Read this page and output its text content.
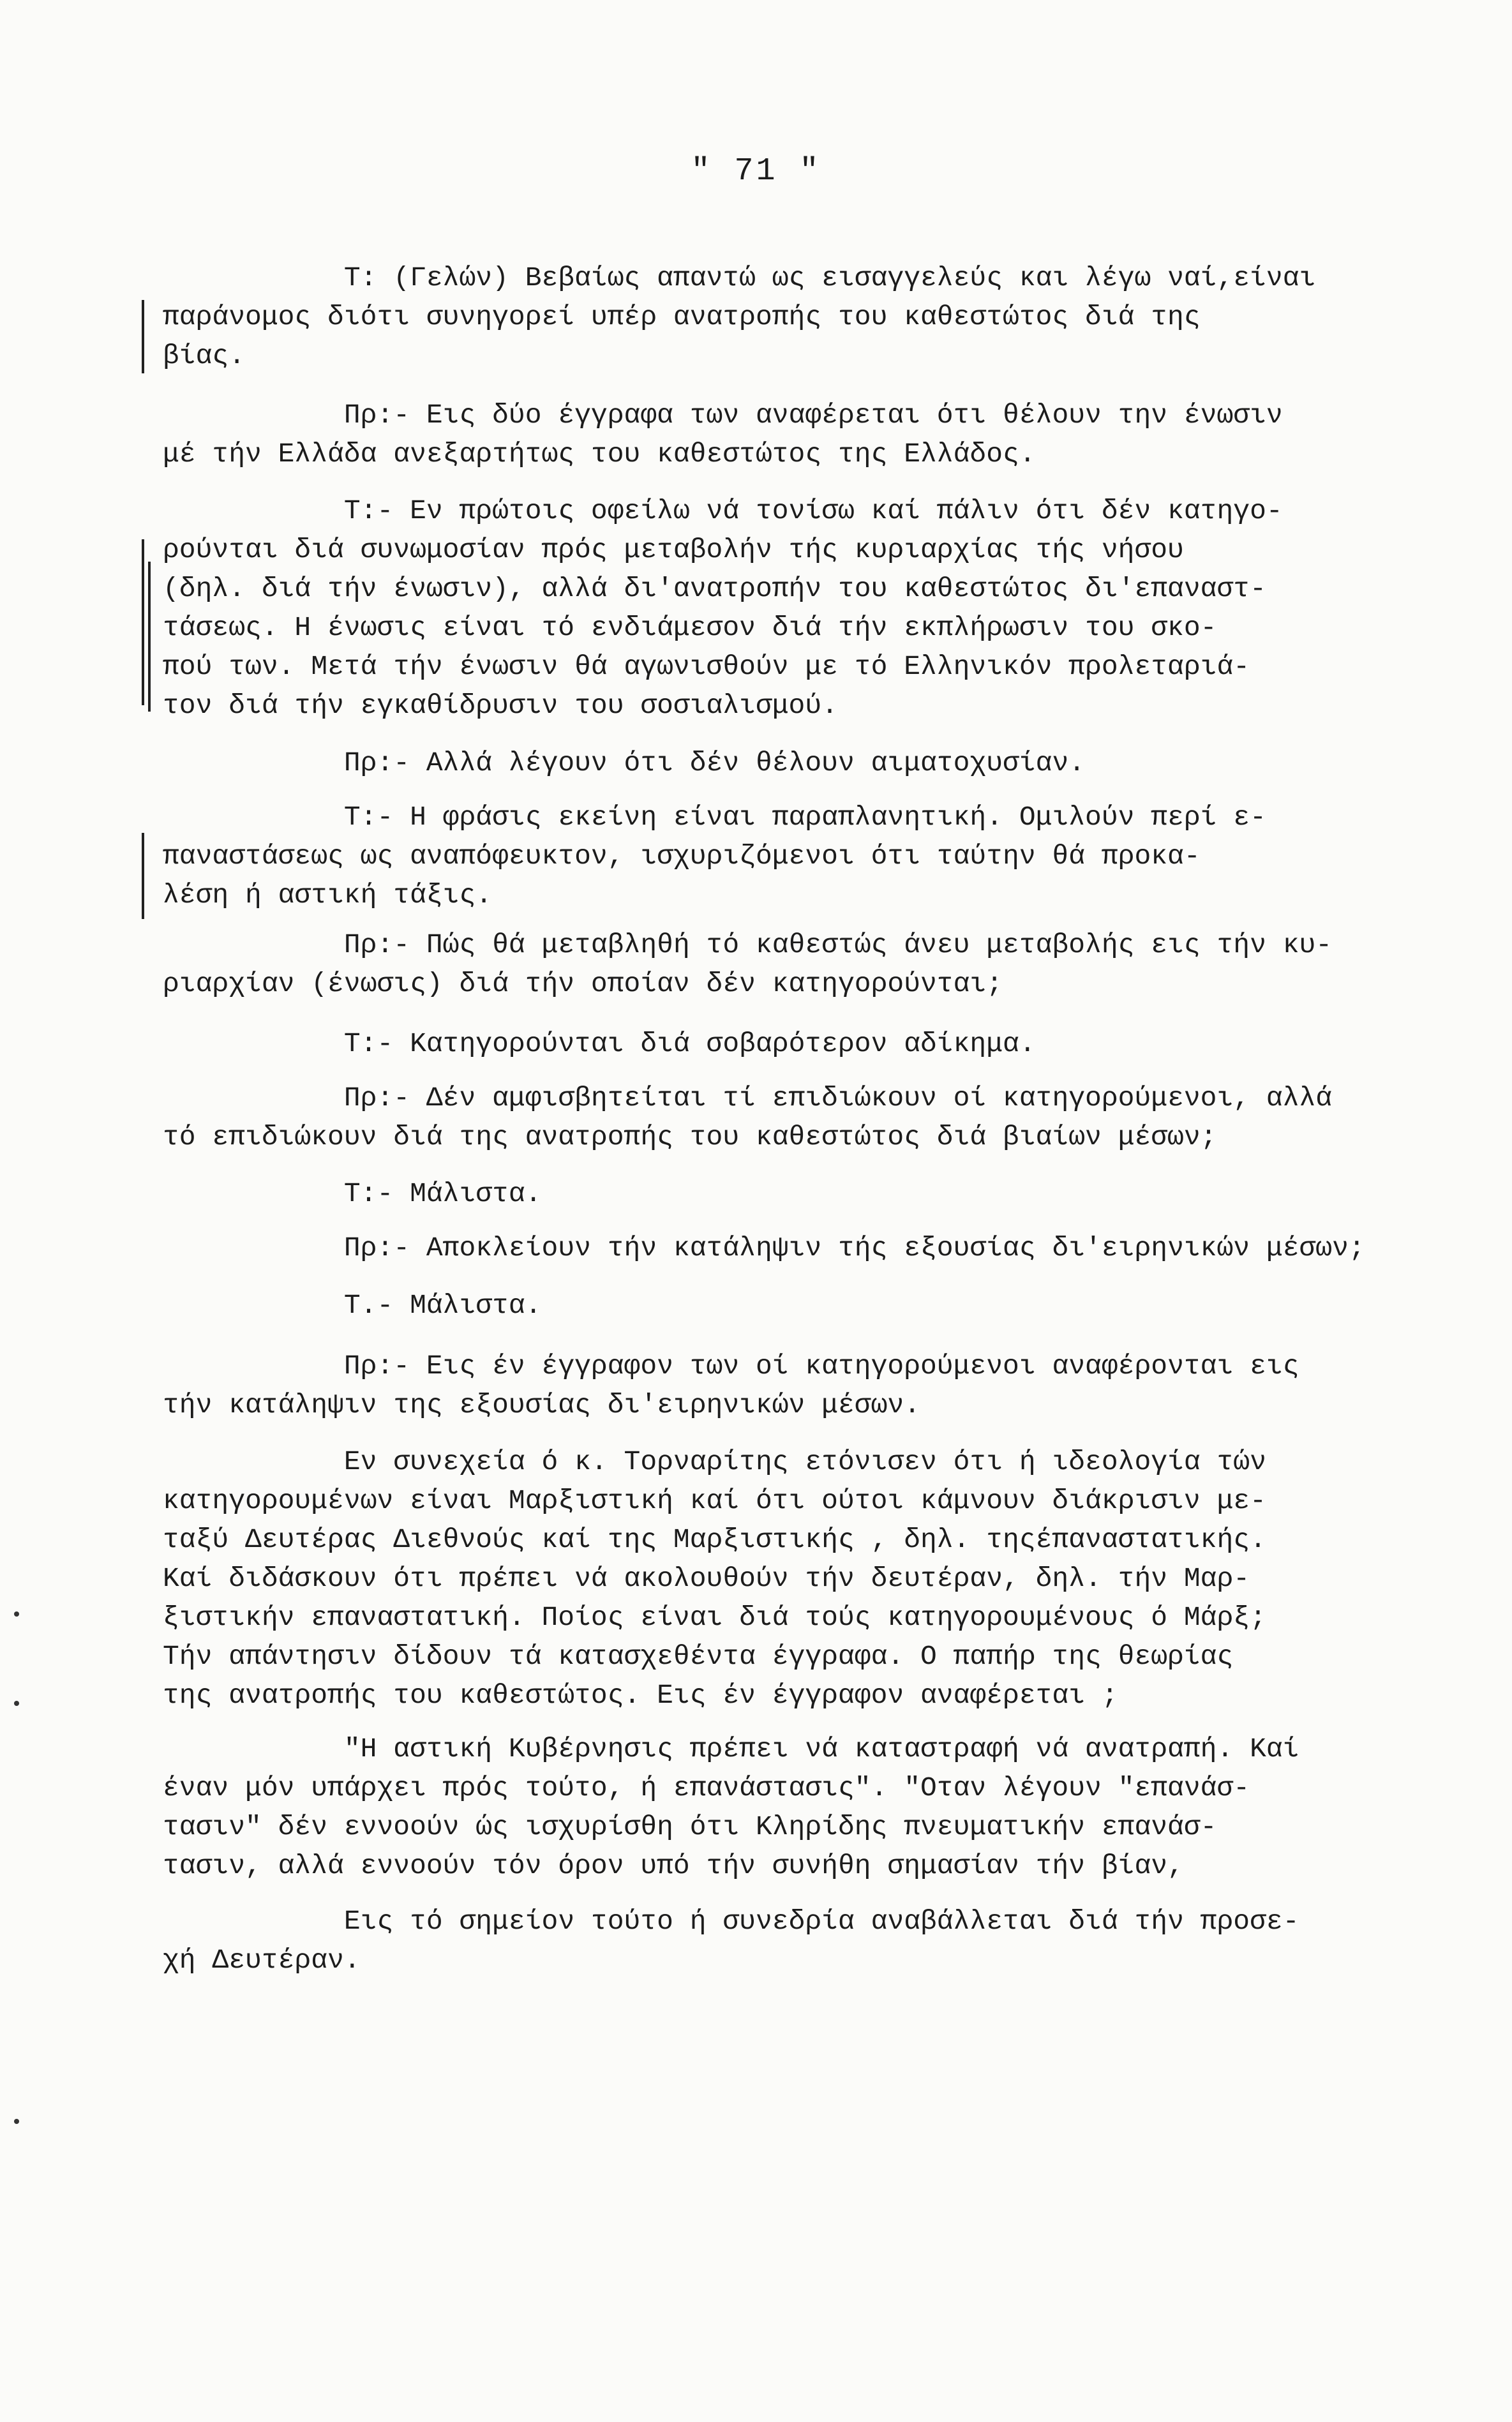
" 71 "

Τ: (Γελών) Βεβαίως απαντώ ως εισαγγελεύς και λέγω ναί,είναι
παράνομος διότι συνηγορεί υπέρ ανατροπής του καθεστώτος διά της
βίας.

Πρ:- Εις δύο έγγραφα των αναφέρεται ότι θέλουν την ένωσιν
μέ τήν Ελλάδα ανεξαρτήτως του καθεστώτος της Ελλάδος.

Τ:- Εν πρώτοις οφείλω νά τονίσω καί πάλιν ότι δέν κατηγο-
ρούνται διά συνωμοσίαν πρός μεταβολήν τής κυριαρχίας τής νήσου
(δηλ. διά τήν ένωσιν), αλλά δι'ανατροπήν του καθεστώτος δι'επαναστ-
τάσεως. Η ένωσις είναι τό ενδιάμεσον διά τήν εκπλήρωσιν του σκο-
πού των. Μετά τήν ένωσιν θά αγωνισθούν με τό Ελληνικόν προλεταριά-
τον διά τήν εγκαθίδρυσιν του σοσιαλισμού.

Πρ:- Αλλά λέγουν ότι δέν θέλουν αιματοχυσίαν.

Τ:- Η φράσις εκείνη είναι παραπλανητική. Ομιλούν περί ε-
παναστάσεως ως αναπόφευκτον, ισχυριζόμενοι ότι ταύτην θά προκα-
λέση ή αστική τάξις.

Πρ:- Πώς θά μεταβληθή τό καθεστώς άνευ μεταβολής εις τήν κυ-
ριαρχίαν (ένωσις) διά τήν οποίαν δέν κατηγορούνται;

Τ:- Κατηγορούνται διά σοβαρότερον αδίκημα.

Πρ:- Δέν αμφισβητείται τί επιδιώκουν οί κατηγορούμενοι, αλλά
τό επιδιώκουν διά της ανατροπής του καθεστώτος διά βιαίων μέσων;

Τ:- Μάλιστα.

Πρ:- Αποκλείουν τήν κατάληψιν τής εξουσίας δι'ειρηνικών μέσων;

Τ.- Μάλιστα.

Πρ:- Εις έν έγγραφον των οί κατηγορούμενοι αναφέρονται εις
τήν κατάληψιν της εξουσίας δι'ειρηνικών μέσων.

Εν συνεχεία ό κ. Τορναρίτης ετόνισεν ότι ή ιδεολογία τών
κατηγορουμένων είναι Μαρξιστική καί ότι ούτοι κάμνουν διάκρισιν με-
ταξύ Δευτέρας Διεθνούς καί της Μαρξιστικής , δηλ. τηςέπαναστατικής.
Καί διδάσκουν ότι πρέπει νά ακολουθούν τήν δευτέραν, δηλ. τήν Μαρ-
ξιστικήν επαναστατική. Ποίος είναι διά τούς κατηγορουμένους ό Μάρξ;
Τήν απάντησιν δίδουν τά κατασχεθέντα έγγραφα. Ο παπήρ της θεωρίας
της ανατροπής του καθεστώτος. Εις έν έγγραφον αναφέρεται ;

"Η αστική Κυβέρνησις πρέπει νά καταστραφή νά ανατραπή. Καί
έναν μόν υπάρχει πρός τούτο, ή επανάστασις". "Οταν λέγουν "επανάσ-
τασιν" δέν εννοούν ώς ισχυρίσθη ότι Κληρίδης πνευματικήν επανάσ-
τασιν, αλλά εννοούν τόν όρον υπό τήν συνήθη σημασίαν τήν βίαν,

Εις τό σημείον τούτο ή συνεδρία αναβάλλεται διά τήν προσε-
χή Δευτέραν.
